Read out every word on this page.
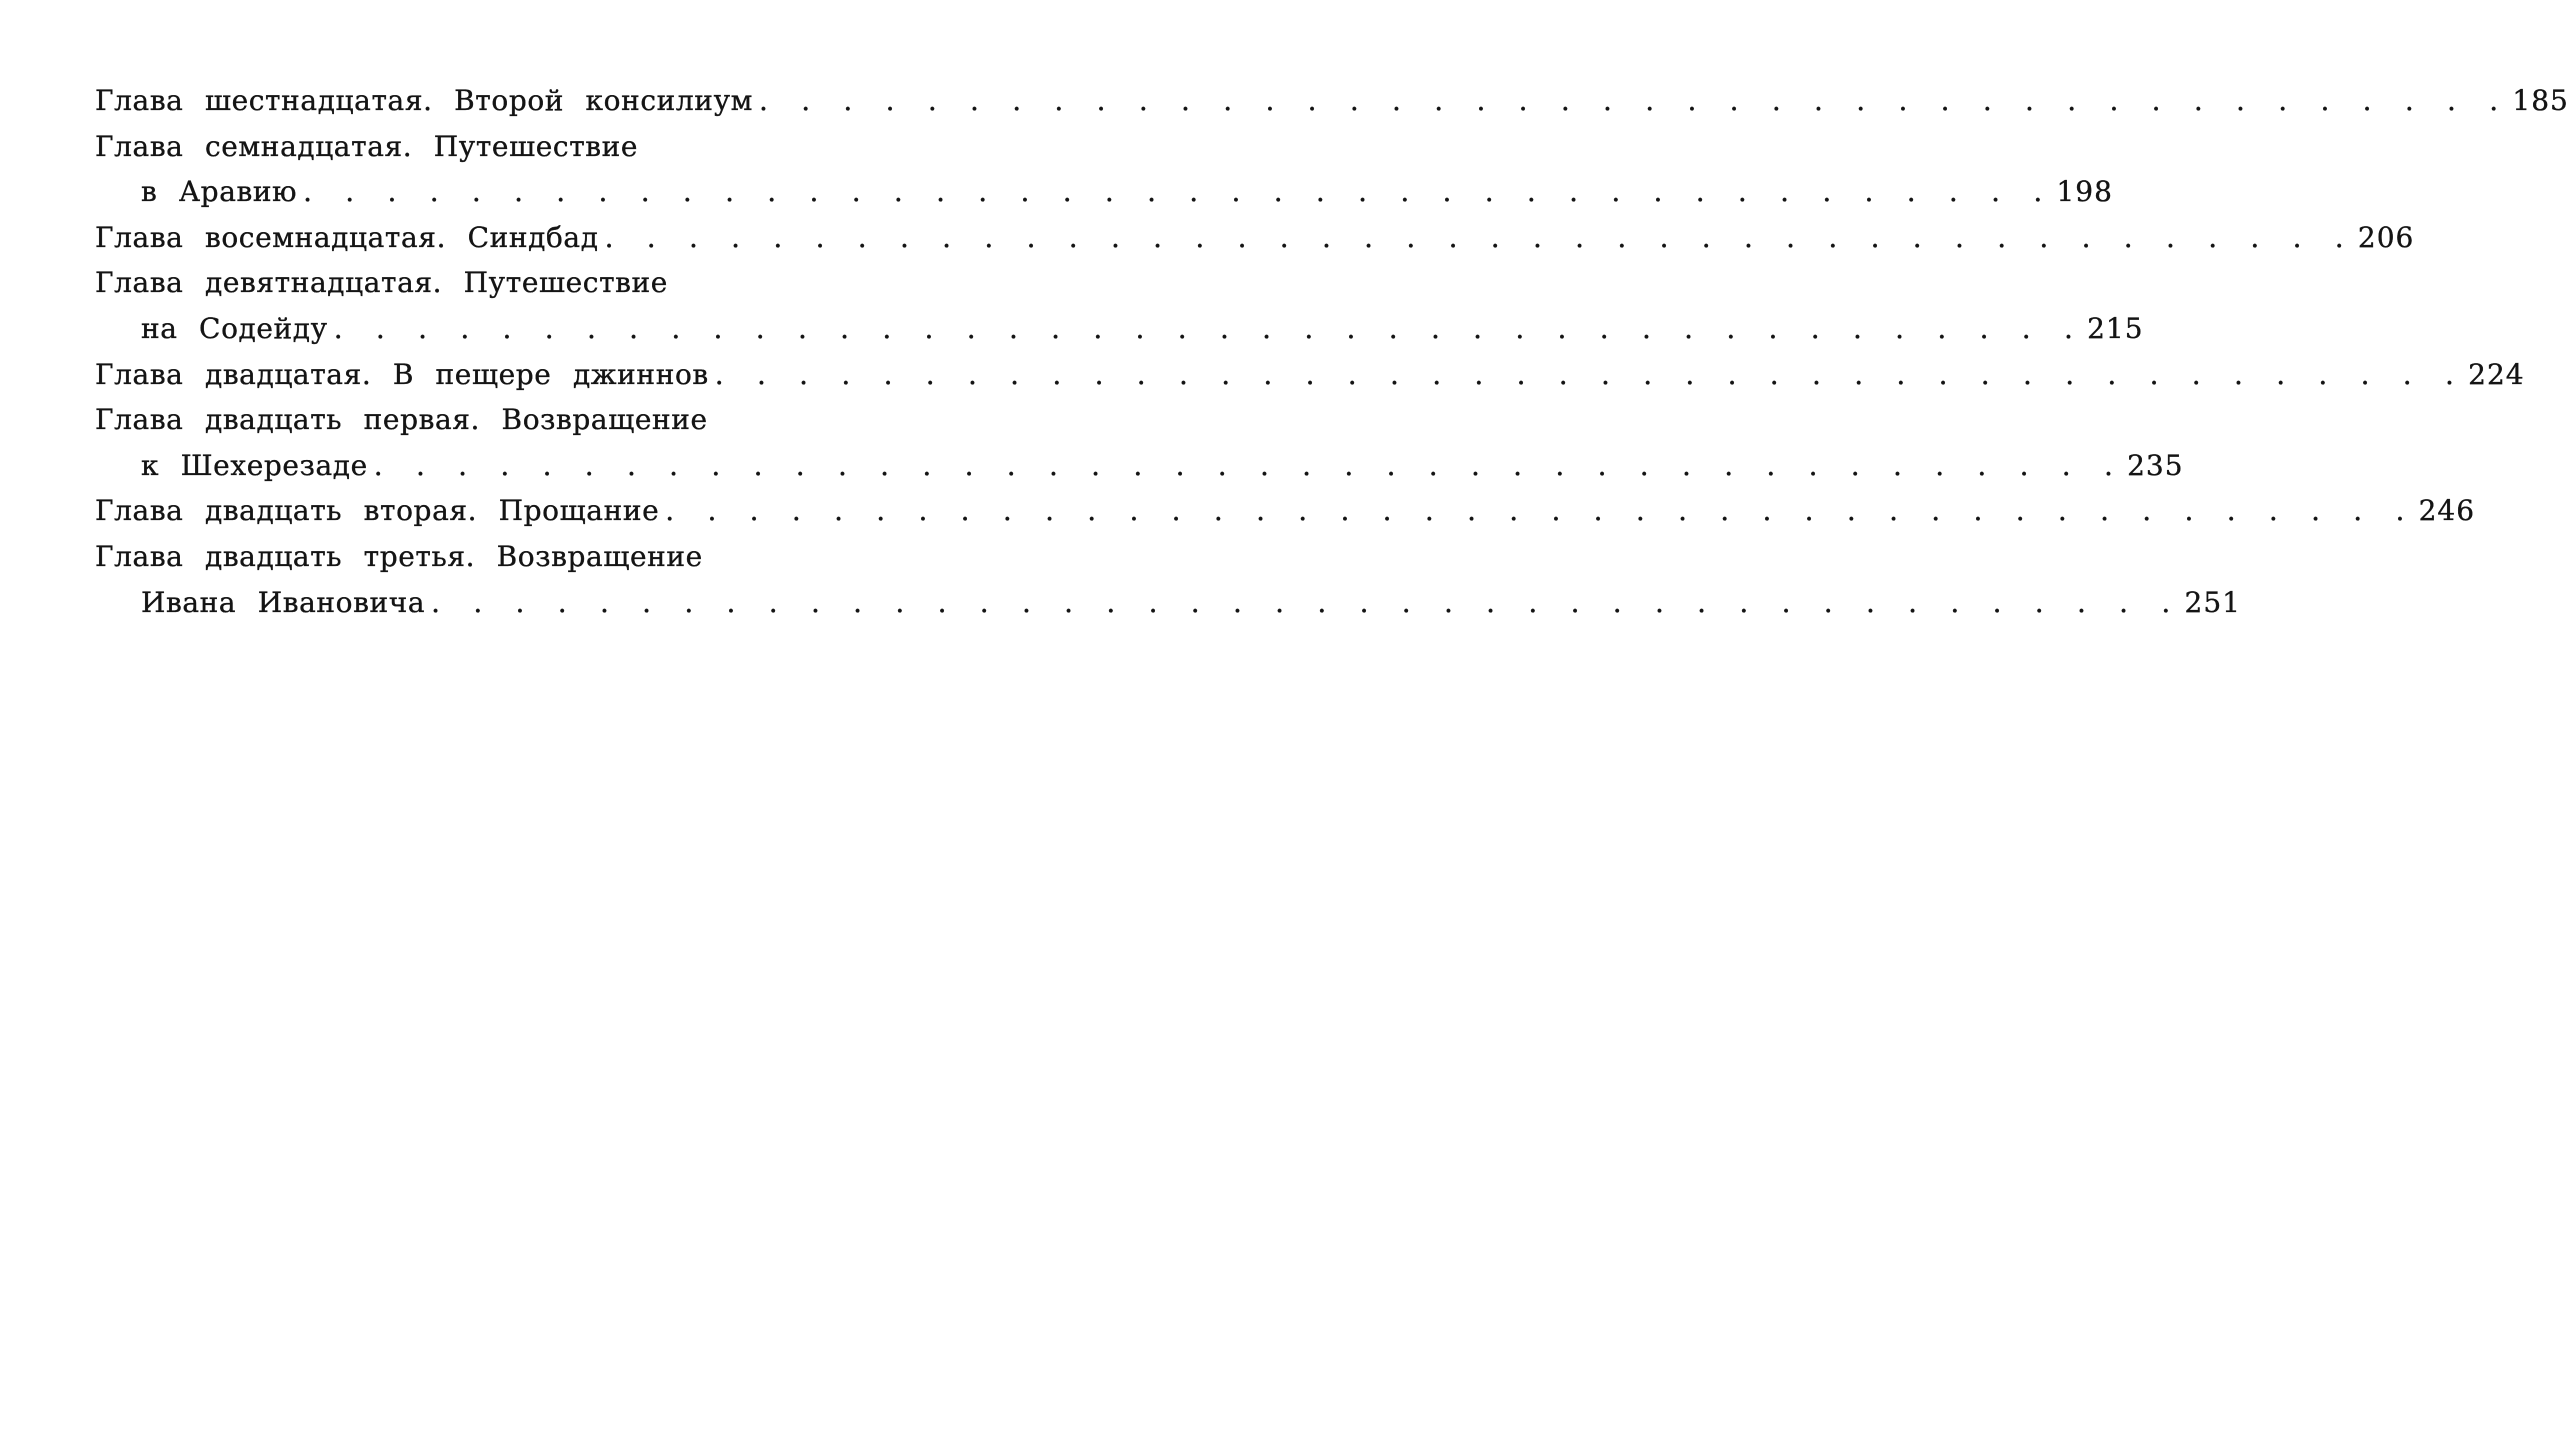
Глава шестнадцатая. Второй консилиум . . . . . . . . . . . . . . . . . . . . . . . . . . . . . . . . . . . . . . . . . . 185
Глава семнадцатая. Путешествие
в Аравию . . . . . . . . . . . . . . . . . . . . . . . . . . . . . . . . . . . . . . . . . . 198
Глава восемнадцатая. Синдбад . . . . . . . . . . . . . . . . . . . . . . . . . . . . . . . . . . . . . . . . . . 206
Глава девятнадцатая. Путешествие
на Содейду . . . . . . . . . . . . . . . . . . . . . . . . . . . . . . . . . . . . . . . . . . 215
Глава двадцатая. В пещере джиннов . . . . . . . . . . . . . . . . . . . . . . . . . . . . . . . . . . . . . . . . . . 224
Глава двадцать первая. Возвращение
к Шехерезаде . . . . . . . . . . . . . . . . . . . . . . . . . . . . . . . . . . . . . . . . . . 235
Глава двадцать вторая. Прощание . . . . . . . . . . . . . . . . . . . . . . . . . . . . . . . . . . . . . . . . . . 246
Глава двадцать третья. Возвращение
Ивана Ивановича . . . . . . . . . . . . . . . . . . . . . . . . . . . . . . . . . . . . . . . . . . 251
